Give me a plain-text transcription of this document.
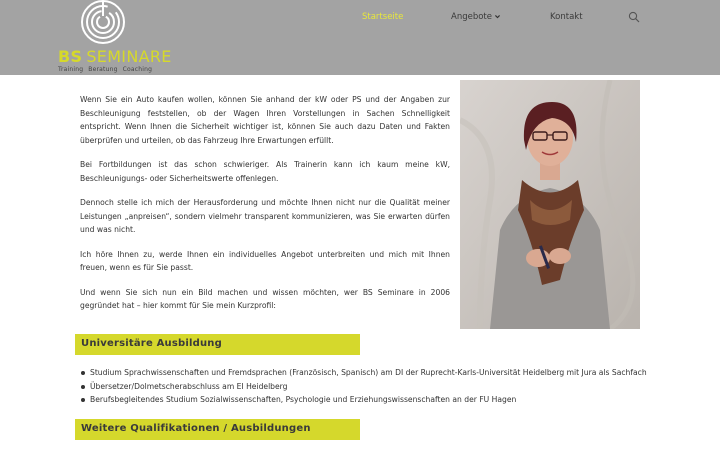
BS SEMINARE
Training Beratung Coaching
Startseite	Angebote	Kontakt

Wenn Sie ein Auto kaufen wollen, können Sie anhand der kW oder PS und der Angaben zur Beschleunigung feststellen, ob der Wagen Ihren Vorstellungen in Sachen Schnelligkeit entspricht. Wenn Ihnen die Sicherheit wichtiger ist, können Sie auch dazu Daten und Fakten überprüfen und urteilen, ob das Fahrzeug Ihre Erwartungen erfüllt.

Bei Fortbildungen ist das schon schwieriger. Als Trainerin kann ich kaum meine kW, Beschleunigungs- oder Sicherheitswerte offenlegen.

Dennoch stelle ich mich der Herausforderung und möchte Ihnen nicht nur die Qualität meiner Leistungen „anpreisen“, sondern vielmehr transparent kommunizieren, was Sie erwarten dürfen und was nicht.

Ich höre Ihnen zu, werde Ihnen ein individuelles Angebot unterbreiten und mich mit Ihnen freuen, wenn es für Sie passt.

Und wenn Sie sich nun ein Bild machen und wissen möchten, wer BS Seminare in 2006 gegründet hat – hier kommt für Sie mein Kurzprofil:

Universitäre Ausbildung
Studium Sprachwissenschaften und Fremdsprachen (Französisch, Spanisch) am DI der Ruprecht-Karls-Universität Heidelberg mit Jura als Sachfach
Übersetzer/Dolmetscherabschluss am EI Heidelberg
Berufsbegleitendes Studium Sozialwissenschaften, Psychologie und Erziehungswissenschaften an der FU Hagen
Weitere Qualifikationen / Ausbildungen
